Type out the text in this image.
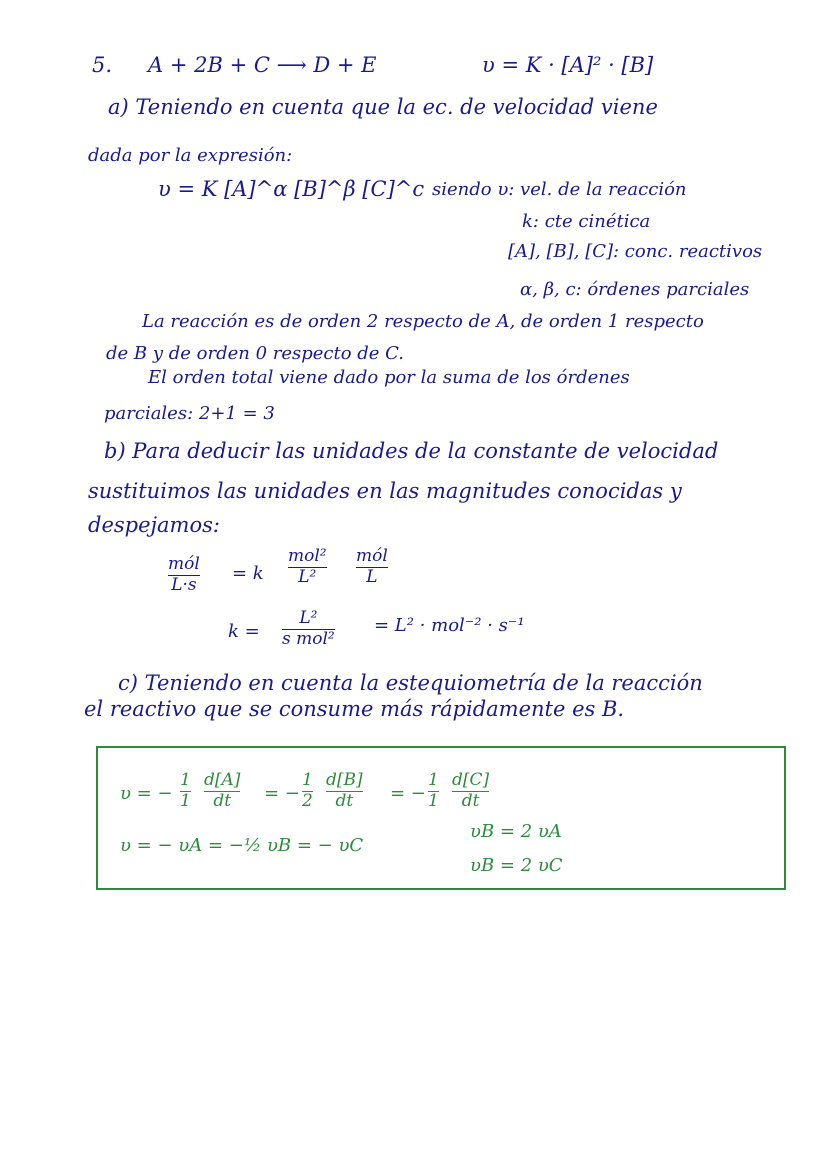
5. A + 2B + C ⟶ D + E	υ = K · [A]² · [B]
a) Teniendo en cuenta que la ec. de velocidad viene
dada por la expresión:
υ = K [A]^α [B]^β [C]^c siendo υ: vel. de la reacción
k: cte cinética
[A], [B], [C]: conc. reactivos
α, β, c: órdenes parciales
La reacción es de orden 2 respecto de A, de orden 1 respecto
de B y de orden 0 respecto de C.
El orden total viene dado por la suma de los órdenes
parciales: 2+1 = 3
b) Para deducir las unidades de la constante de velocidad
sustituimos las unidades en las magnitudes conocidas y
despejamos:
mól
L·s
= k
mol²
L²
mól
L
k =
L²
s mol²
= L² · mol⁻² · s⁻¹
c) Teniendo en cuenta la estequiometría de la reacción
el reactivo que se consume más rápidamente es B.
υ = −
1
1
d[A]
dt = −
1
2
d[B]
dt = −
1
1
d[C]
dt
υ = − υA = −½ υB = − υC
υB = 2 υA
υB = 2 υC
